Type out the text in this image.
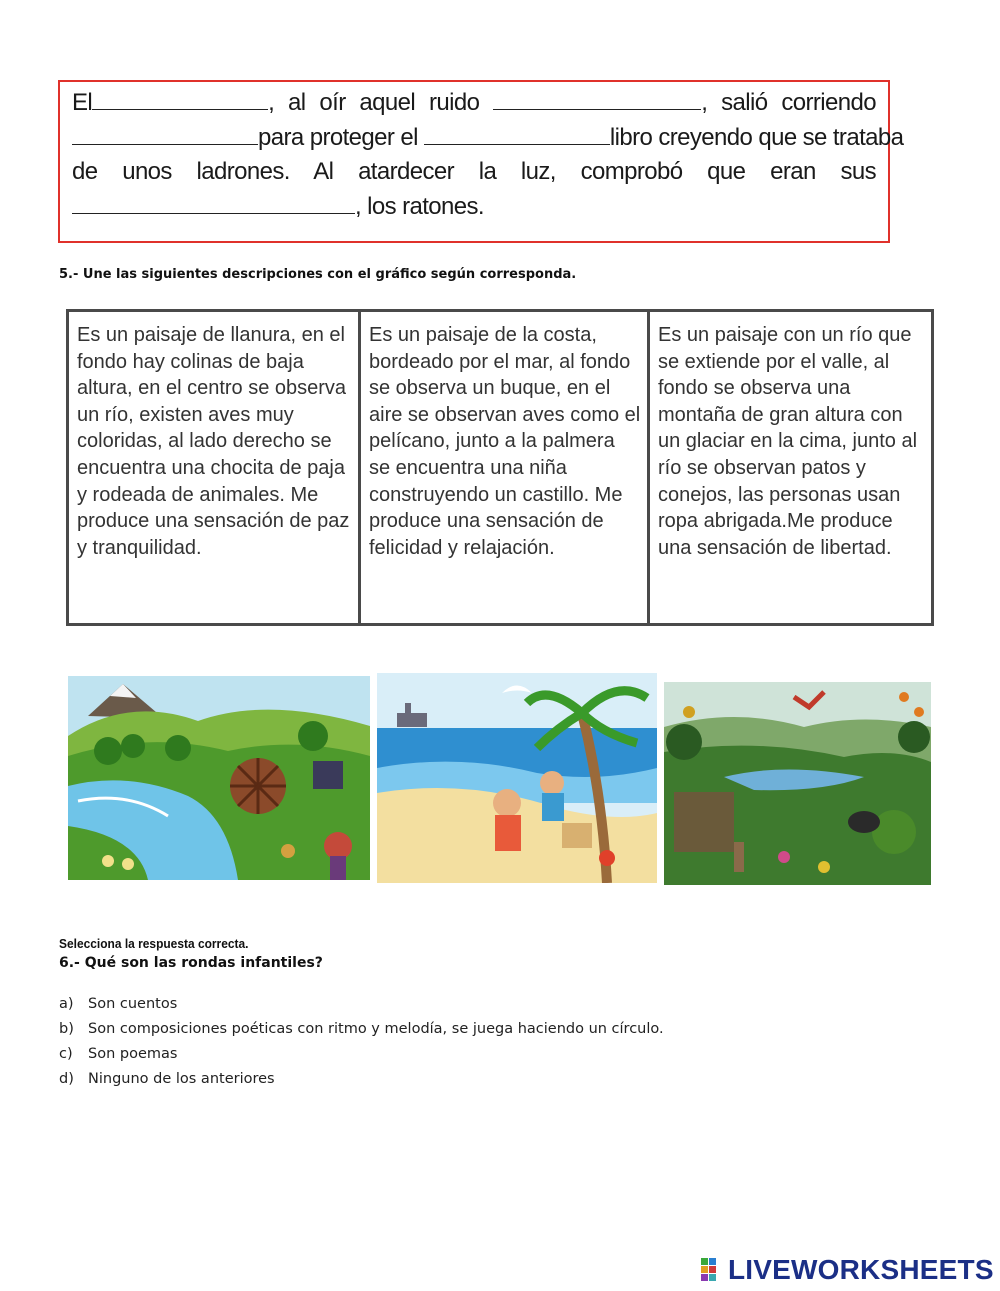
El	, al oír aquel ruido	, salió corriendo
para proteger el	libro creyendo que se trataba
de unos ladrones. Al atardecer la luz, comprobó que eran sus
, los ratones.
5.- Une las siguientes descripciones con el gráfico según corresponda.
Es un paisaje de llanura, en el fondo hay colinas de baja altura, en el centro se observa un río, existen aves muy coloridas, al lado derecho se encuentra una chocita de paja y rodeada de animales. Me produce una sensación de paz y tranquilidad.
Es un paisaje de la costa, bordeado por el mar, al fondo se observa un buque, en el aire se observan aves como el pelícano, junto a la palmera se encuentra una niña construyendo un castillo. Me produce una sensación de felicidad y relajación.
Es un paisaje con un río que se extiende por el valle, al fondo se observa una montaña de gran altura con un glaciar en la cima, junto al río se observan patos y conejos, las personas usan ropa abrigada.Me produce una sensación de libertad.
Selecciona la respuesta correcta.
6.- Qué son las rondas infantiles?
a) Son cuentos
b) Son composiciones poéticas con ritmo y melodía, se juega haciendo un círculo.
c) Son poemas
d) Ninguno de los anteriores
LIVEWORKSHEETS
